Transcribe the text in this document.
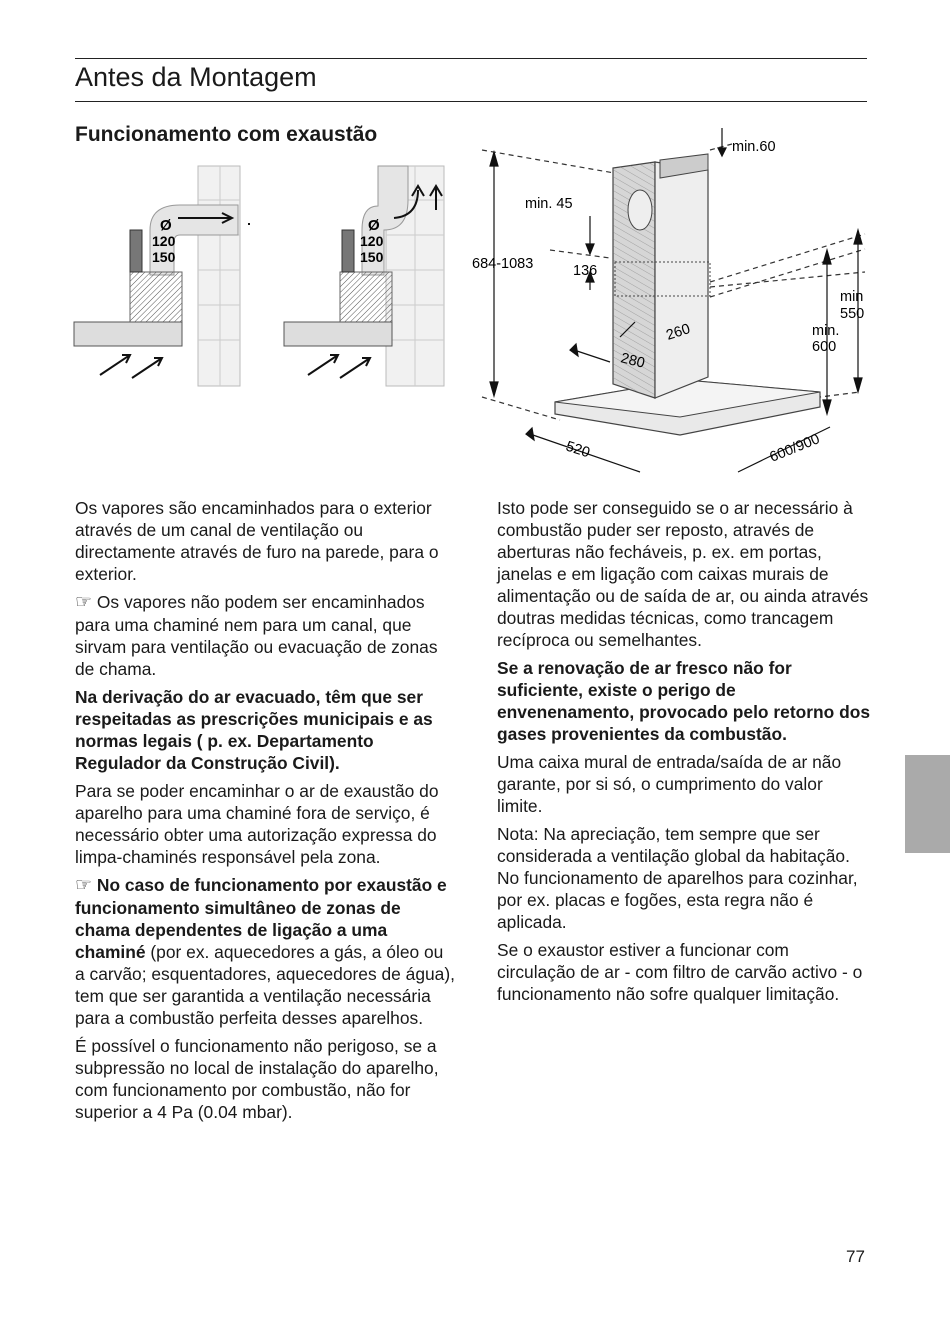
Antes da Montagem
Funcionamento com exaustão
Ø
120
150
Ø
120
150
min.60
min. 45
684-1083	136
260
280
min
550
min.
600
520	600/900

Os vapores são encaminhados para o exterior através de um canal de ventilação ou directamente através de furo na parede, para o exterior.

☞ Os vapores não podem ser encaminhados para uma chaminé nem para um canal, que sirvam para ventilação ou evacuação de zonas de chama.

Na derivação do ar evacuado, têm que ser respeitadas as prescrições municipais e as normas legais ( p. ex. Departamento Regulador da Construção Civil).

Para se poder encaminhar o ar de exaustão do aparelho para uma chaminé fora de serviço, é necessário obter uma autorização expressa do limpa-chaminés responsável pela zona.

☞ No caso de funcionamento por exaustão e funcionamento simultâneo de zonas de chama dependentes de ligação a uma chaminé (por ex. aquecedores a gás, a óleo ou a carvão; esquentadores, aquecedores de água), tem que ser garantida a ventilação necessária para a combustão perfeita desses aparelhos.

É possível o funcionamento não perigoso, se a subpressão no local de instalação do aparelho, com funcionamento por combustão, não for superior a 4 Pa (0.04 mbar).

Isto pode ser conseguido se o ar necessário à combustão puder ser reposto, através de aberturas não fecháveis, p. ex. em portas, janelas e em ligação com caixas murais de alimentação ou de saída de ar, ou ainda através doutras medidas técnicas, como trancagem recíproca ou semelhantes.

Se a renovação de ar fresco não for suficiente, existe o perigo de envenenamento, provocado pelo retorno dos gases provenientes da combustão.

Uma caixa mural de entrada/saída de ar não garante, por si só, o cumprimento do valor limite.

Nota: Na apreciação, tem sempre que ser considerada a ventilação global da habitação. No funcionamento de aparelhos para cozinhar, por ex. placas e fogões, esta regra não é aplicada.

Se o exaustor estiver a funcionar com circulação de ar - com filtro de carvão activo - o funcionamento não sofre qualquer limitação.

77
